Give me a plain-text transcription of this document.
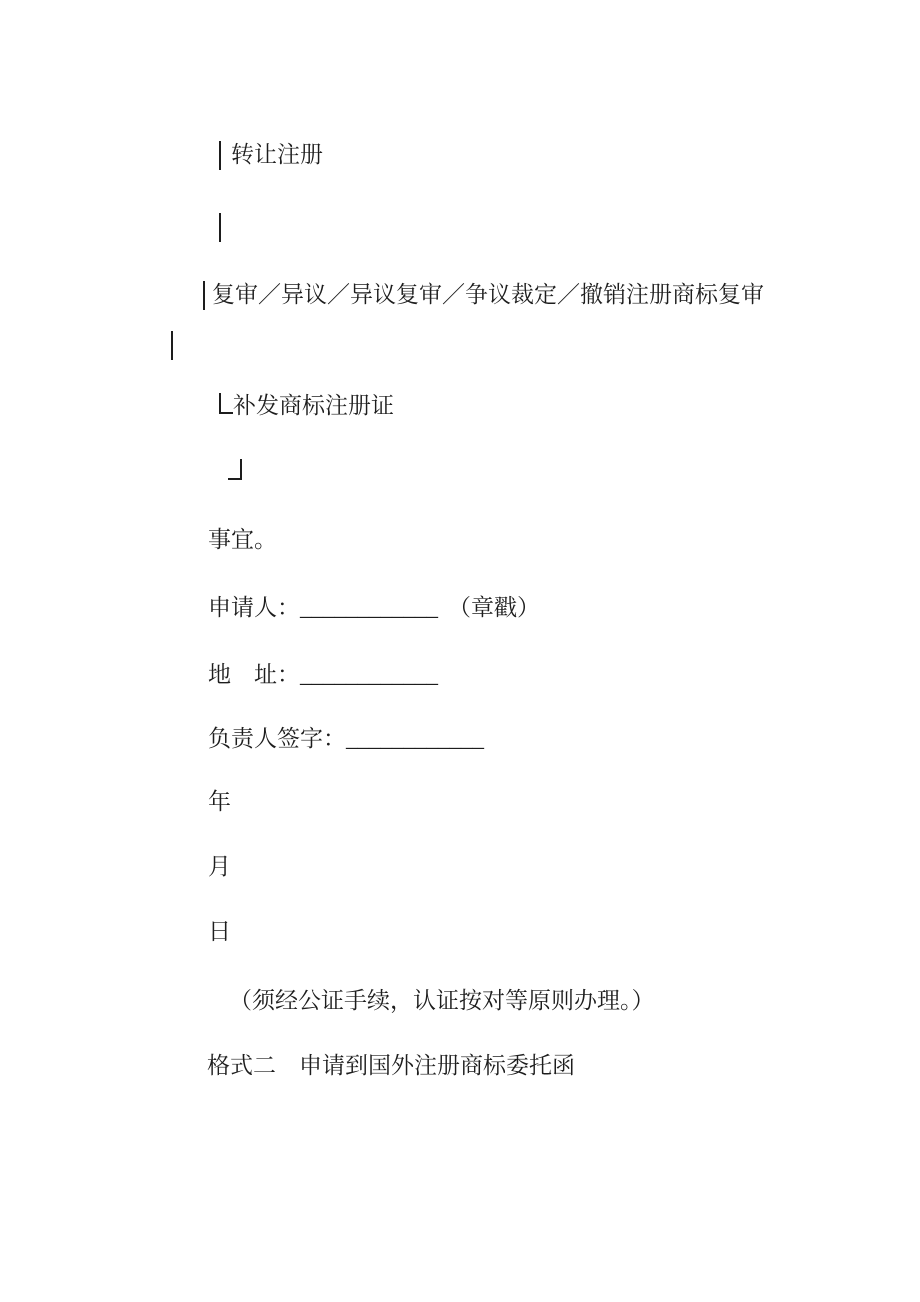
转让注册

复审／异议／异议复审／争议裁定／撤销注册商标复审

补发商标注册证

事宜。

申请人：____________ （章戳）

地　址：____________

负责人签字：____________

年

月

日

（须经公证手续，认证按对等原则办理。）

格式二　申请到国外注册商标委托函
